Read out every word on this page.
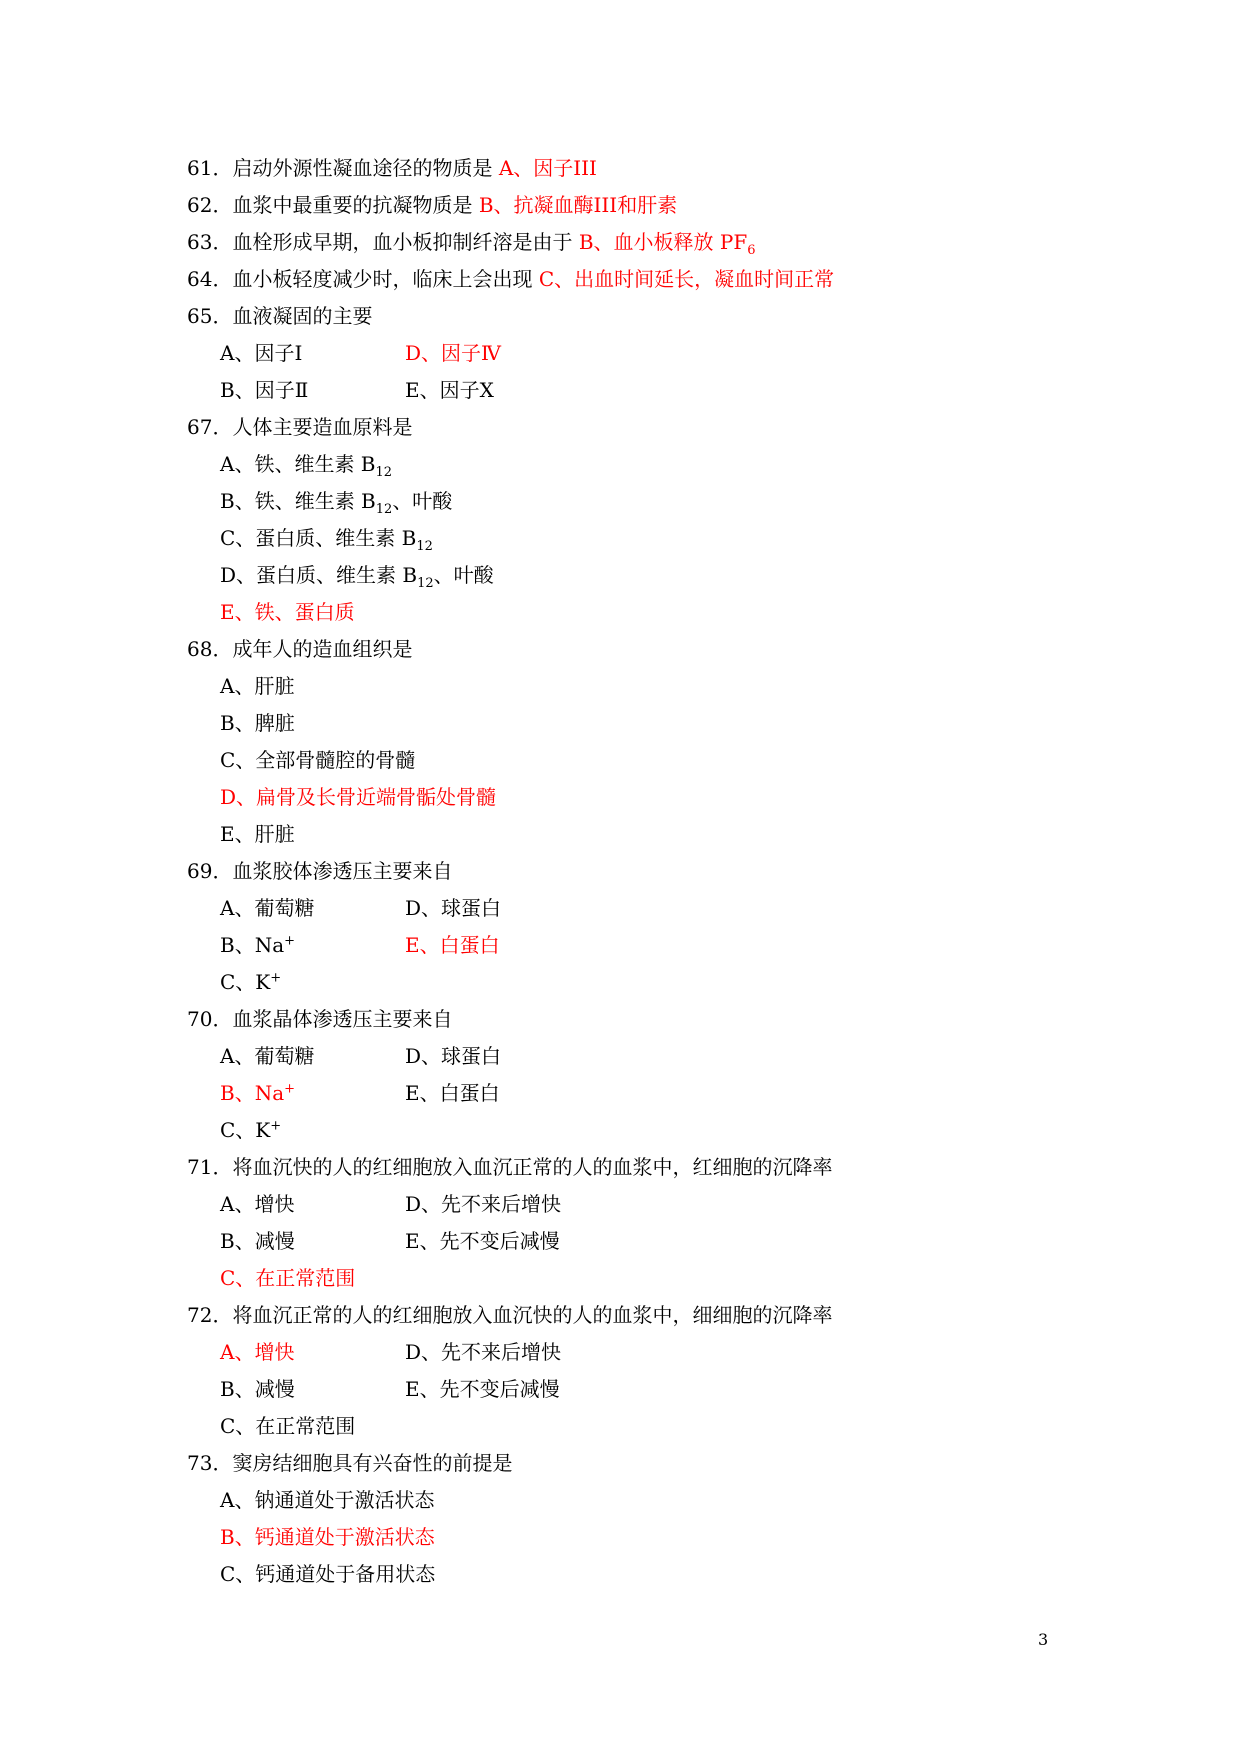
61．启动外源性凝血途径的物质是 A、因子III
62．血浆中最重要的抗凝物质是 B、抗凝血酶III和肝素
63．血栓形成早期，血小板抑制纤溶是由于 B、血小板释放 $PF_6$
64．血小板轻度减少时，临床上会出现 C、出血时间延长，凝血时间正常
65．血液凝固的主要
A、因子Ⅰ	D、因子Ⅳ
B、因子Ⅱ	E、因子Ⅹ
67．人体主要造血原料是
A、铁、维生素 $B_{12}$
B、铁、维生素 $B_{12}$、叶酸
C、蛋白质、维生素 $B_{12}$
D、蛋白质、维生素 $B_{12}$、叶酸
E、铁、蛋白质
68．成年人的造血组织是
A、肝脏
B、脾脏
C、全部骨髓腔的骨髓
D、扁骨及长骨近端骨骺处骨髓
E、肝脏
69．血浆胶体渗透压主要来自
A、葡萄糖	D、球蛋白
B、Na+	E、白蛋白
C、K+
70．血浆晶体渗透压主要来自
A、葡萄糖	D、球蛋白
B、Na+	E、白蛋白
C、K+
71．将血沉快的人的红细胞放入血沉正常的人的血浆中，红细胞的沉降率
A、增快	D、先不来后增快
B、减慢	E、先不变后减慢
C、在正常范围
72．将血沉正常的人的红细胞放入血沉快的人的血浆中，细细胞的沉降率
A、增快	D、先不来后增快
B、减慢	E、先不变后减慢
C、在正常范围
73．窦房结细胞具有兴奋性的前提是
A、钠通道处于激活状态
B、钙通道处于激活状态
C、钙通道处于备用状态
3
